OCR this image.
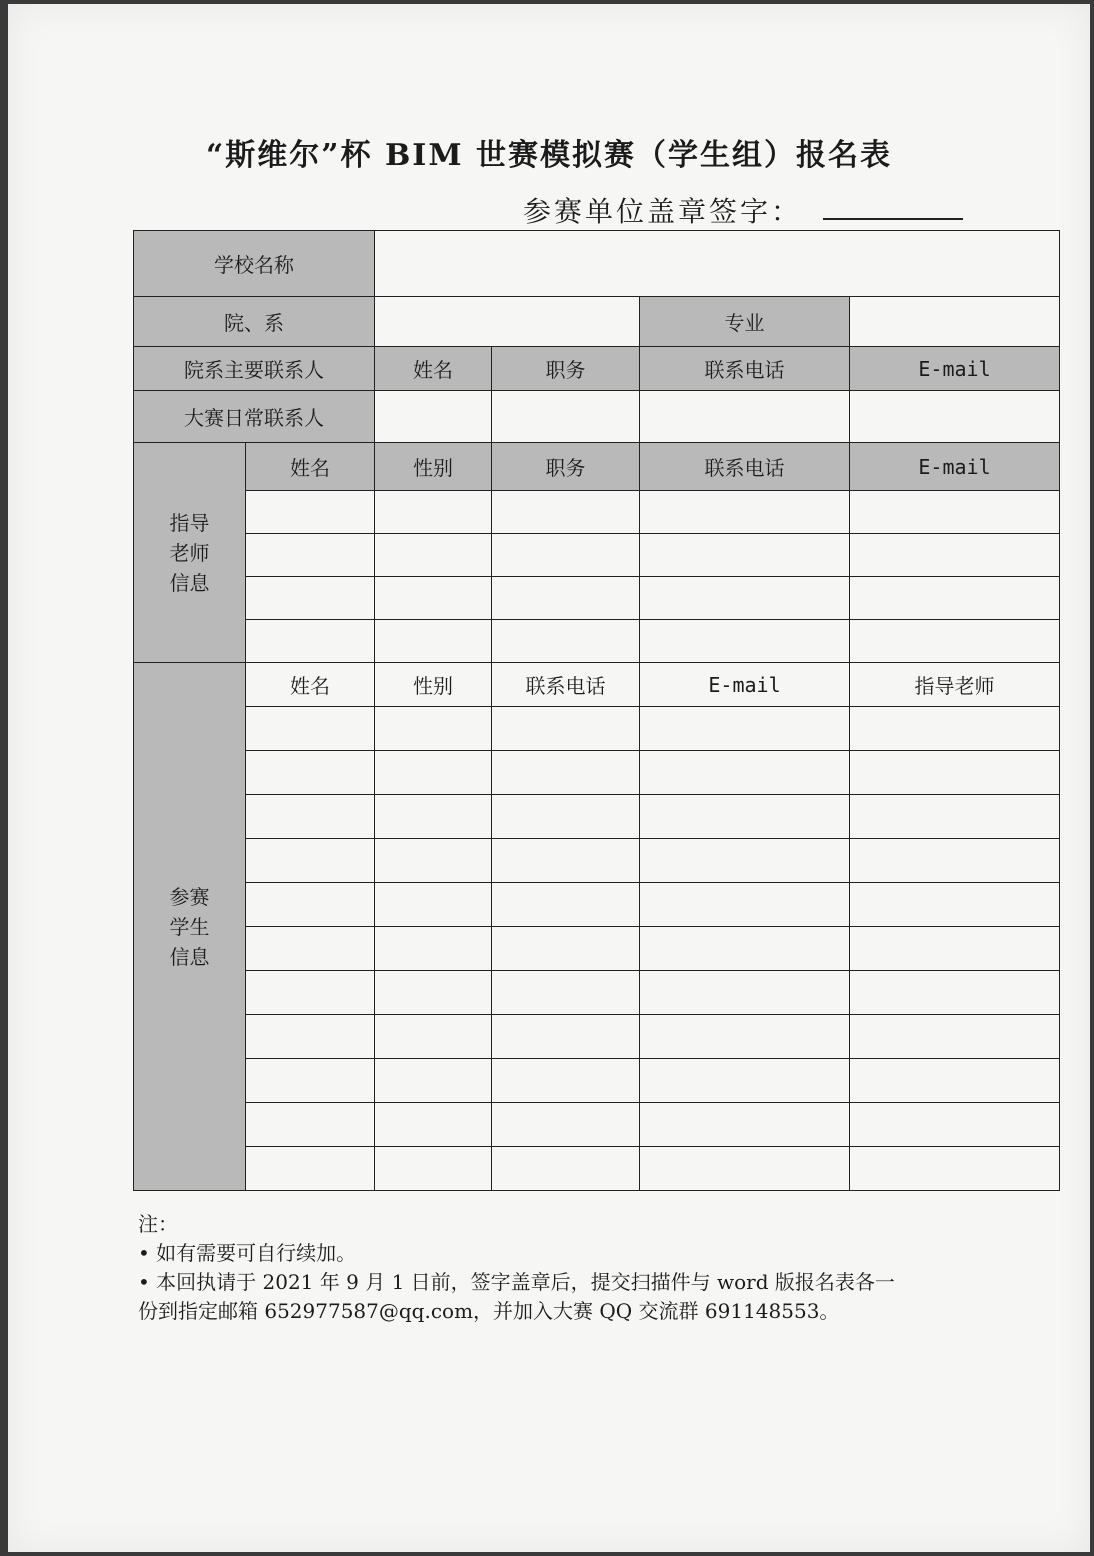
“斯维尔”杯 BIM 世赛模拟赛（学生组）报名表
参赛单位盖章签字：
学校名称					
院、系				专业	
院系主要联系人		姓名	职务	联系电话	E-mail
大赛日常联系人					
指导
老师
信息	姓名	性别	职务	联系电话	E-mail

参赛
学生
信息	姓名	性别	联系电话	E-mail	指导老师

注：
• 如有需要可自行续加。
• 本回执请于 2021 年 9 月 1 日前，签字盖章后，提交扫描件与 word 版报名表各一
份到指定邮箱 652977587@qq.com，并加入大赛 QQ 交流群 691148553。
